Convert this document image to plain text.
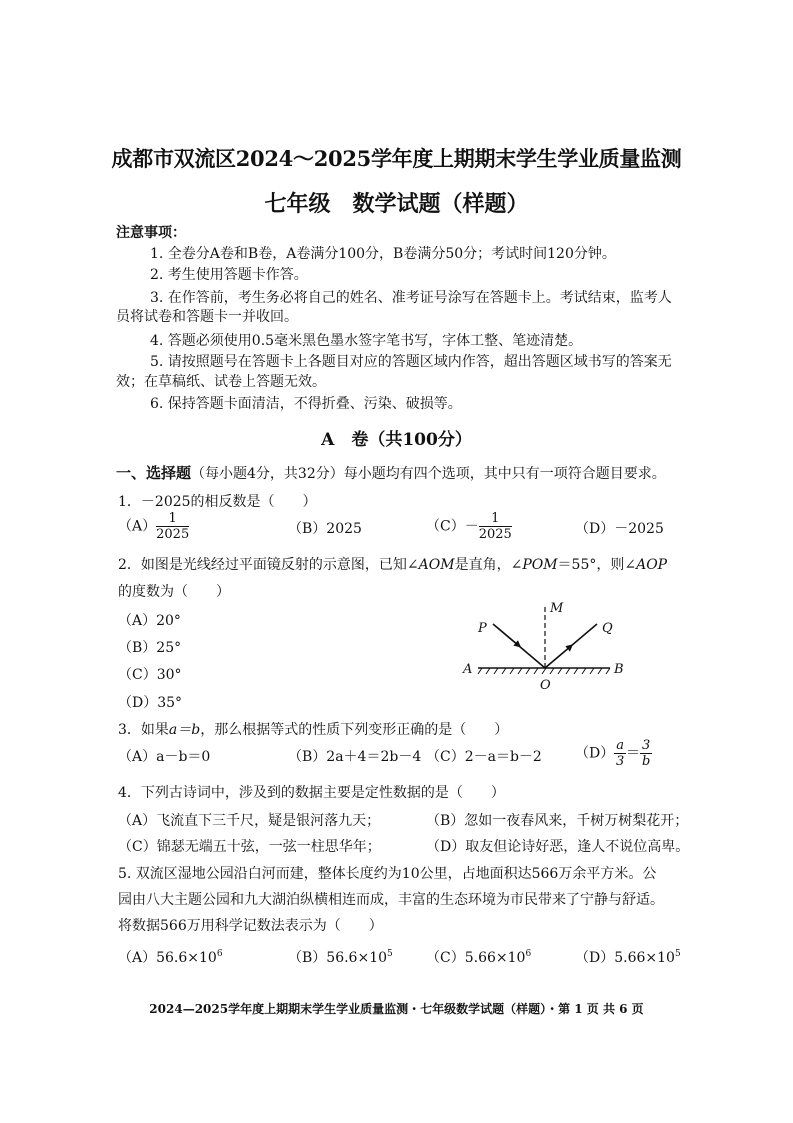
成都市双流区2024～2025学年度上期期末学生学业质量监测
七年级 数学试题（样题）
注意事项：
1. 全卷分A卷和B卷，A卷满分100分，B卷满分50分；考试时间120分钟。
2. 考生使用答题卡作答。
3. 在作答前，考生务必将自己的姓名、准考证号涂写在答题卡上。考试结束，监考人
员将试卷和答题卡一并收回。
4. 答题必须使用0.5毫米黑色墨水签字笔书写，字体工整、笔迹清楚。
5. 请按照题号在答题卡上各题目对应的答题区域内作答，超出答题区域书写的答案无
效；在草稿纸、试卷上答题无效。
6. 保持答题卡面清洁，不得折叠、污染、破损等。
A　卷（共100分）
一、选择题（每小题4分，共32分）每小题均有四个选项，其中只有一项符合题目要求。
1．－2025的相反数是（　　）
$(A) \frac{1}{2025}$	（B）2025	$(C)- \frac{1}{2025}$	（D）－2025
2．如图是光线经过平面镜反射的示意图，已知∠AOM是直角，∠POM＝55°，则∠AOP
的度数为（　　）
（A）20°
（B）25°
（C）30°
（D）35°
M
P	Q
A	B
O
3．如果a＝b，那么根据等式的性质下列变形正确的是（　　）
（A）a－b＝0	（B）2a＋4＝2b－4 （C）2－a＝b－2 $(D) \frac{a}{3} = \frac{3}{b}$
4．下列古诗词中，涉及到的数据主要是定性数据的是（　　）
（A）飞流直下三千尺，疑是银河落九天；	（B）忽如一夜春风来，千树万树梨花开；
（C）锦瑟无端五十弦，一弦一柱思华年；	（D）取友但论诗好恶，逢人不说位高卑。
5. 双流区湿地公园沿白河而建，整体长度约为10公里，占地面积达566万余平方米。公
园由八大主题公园和九大湖泊纵横相连而成，丰富的生态环境为市民带来了宁静与舒适。
将数据566万用科学记数法表示为（　　）
$(A)56.6\times 10^6$	$(B)56.6\times 10^5$ $(C)5.66\times 10^6$	$(D)5.66\times 10^5$
2024—2025学年度上期期末学生学业质量监测・七年级数学试题（样题）・第 1 页 共 6 页
